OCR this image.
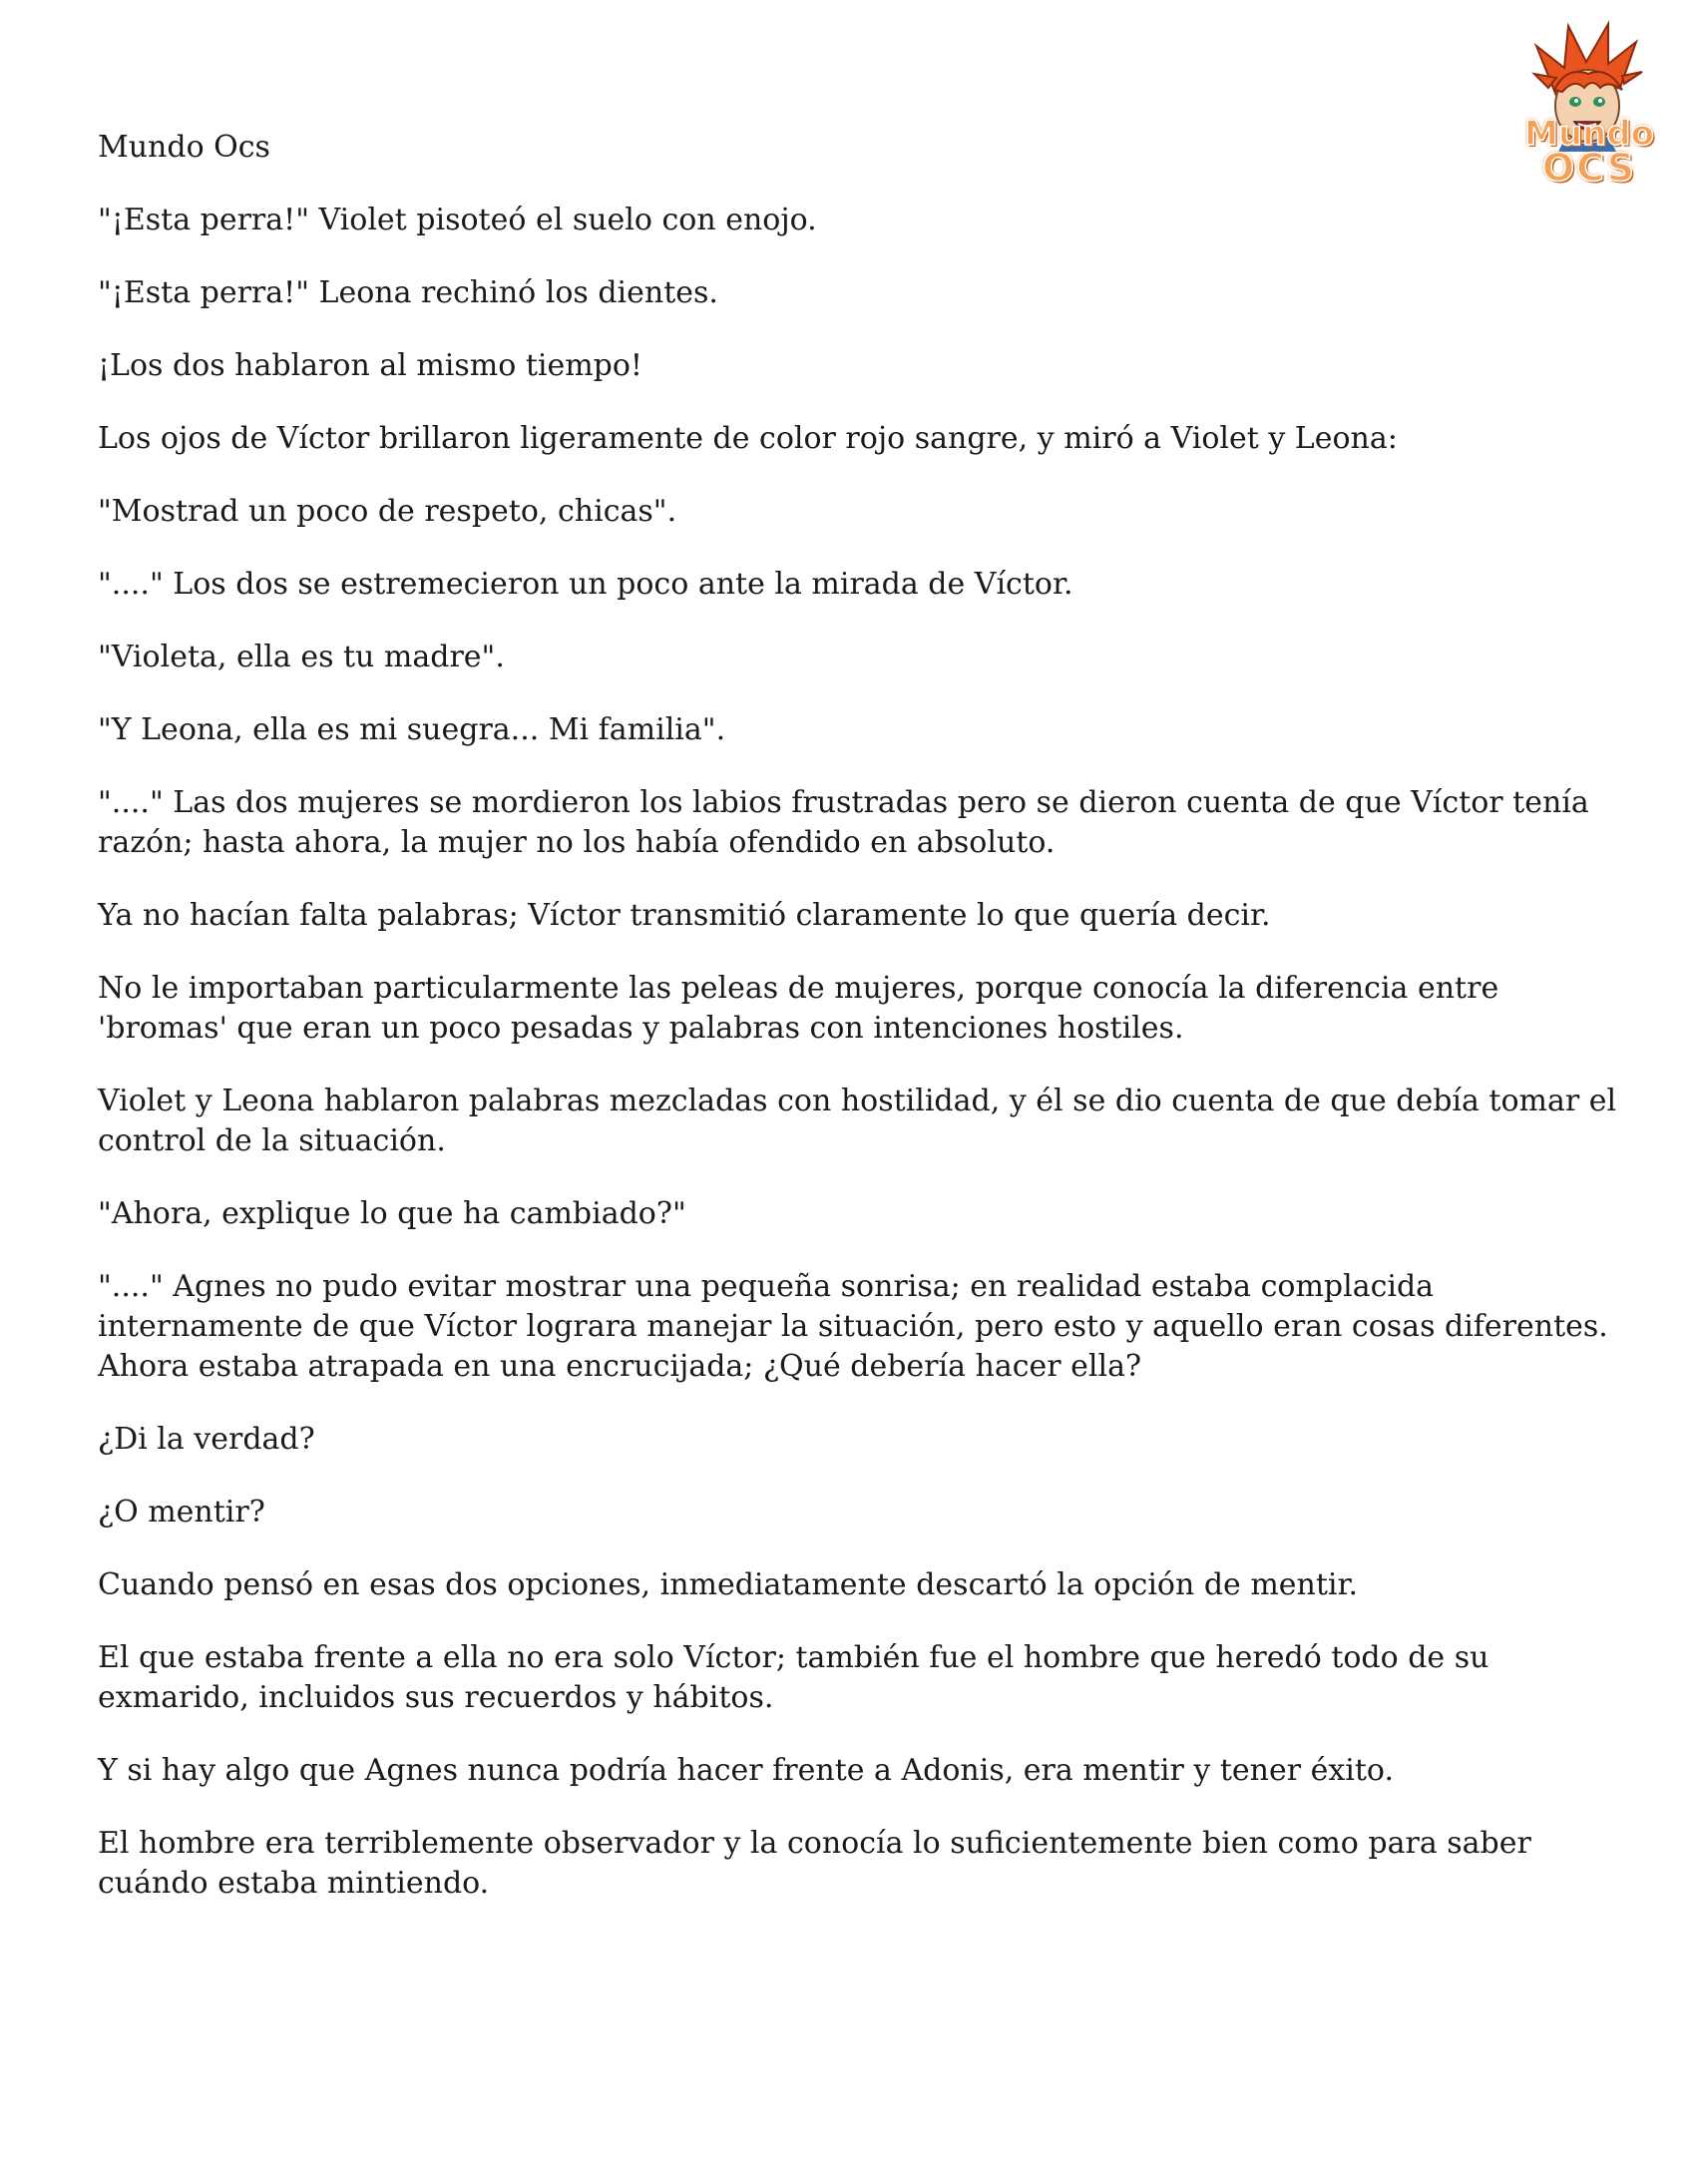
Mundo
OCS

Mundo Ocs

"¡Esta perra!" Violet pisoteó el suelo con enojo.

"¡Esta perra!" Leona rechinó los dientes.

¡Los dos hablaron al mismo tiempo!

Los ojos de Víctor brillaron ligeramente de color rojo sangre, y miró a Violet y Leona:

"Mostrad un poco de respeto, chicas".

"...." Los dos se estremecieron un poco ante la mirada de Víctor.

"Violeta, ella es tu madre".

"Y Leona, ella es mi suegra... Mi familia".

"...." Las dos mujeres se mordieron los labios frustradas pero se dieron cuenta de que Víctor tenía razón; hasta ahora, la mujer no los había ofendido en absoluto.

Ya no hacían falta palabras; Víctor transmitió claramente lo que quería decir.

No le importaban particularmente las peleas de mujeres, porque conocía la diferencia entre 'bromas' que eran un poco pesadas y palabras con intenciones hostiles.

Violet y Leona hablaron palabras mezcladas con hostilidad, y él se dio cuenta de que debía tomar el control de la situación.

"Ahora, explique lo que ha cambiado?"

"...." Agnes no pudo evitar mostrar una pequeña sonrisa; en realidad estaba complacida internamente de que Víctor lograra manejar la situación, pero esto y aquello eran cosas diferentes. Ahora estaba atrapada en una encrucijada; ¿Qué debería hacer ella?

¿Di la verdad?

¿O mentir?

Cuando pensó en esas dos opciones, inmediatamente descartó la opción de mentir.

El que estaba frente a ella no era solo Víctor; también fue el hombre que heredó todo de su exmarido, incluidos sus recuerdos y hábitos.

Y si hay algo que Agnes nunca podría hacer frente a Adonis, era mentir y tener éxito.

El hombre era terriblemente observador y la conocía lo suficientemente bien como para saber cuándo estaba mintiendo.
